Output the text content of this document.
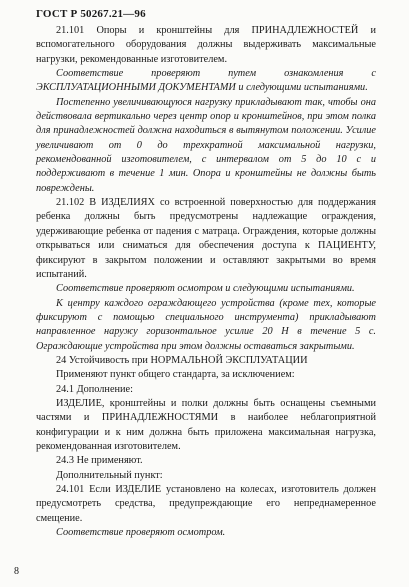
ГОСТ Р 50267.21—96

21.101 Опоры и кронштейны для ПРИНАДЛЕЖНОСТЕЙ и вспомогательного оборудования должны выдерживать максимальные нагрузки, рекомендованные изготовителем.

Соответствие проверяют путем ознакомления с ЭКСПЛУАТАЦИОННЫМИ ДОКУМЕНТАМИ и следующими испытаниями.

Постепенно увеличивающуюся нагрузку прикладывают так, чтобы она действовала вертикально через центр опор и кронштейнов, при этом полка для принадлежностей должна находиться в вытянутом положении. Усилие увеличивают от 0 до трехкратной максимальной нагрузки, рекомендованной изготовителем, с интервалом от 5 до 10 с и поддерживают в течение 1 мин. Опора и кронштейны не должны быть повреждены.

21.102 В ИЗДЕЛИЯХ со встроенной поверхностью для поддержания ребенка должны быть предусмотрены надлежащие ограждения, удерживающие ребенка от падения с матраца. Ограждения, которые должны открываться или сниматься для обеспечения доступа к ПАЦИЕНТУ, фиксируют в закрытом положении и оставляют закрытыми во время испытаний.

Соответствие проверяют осмотром и следующими испытаниями.

К центру каждого ограждающего устройства (кроме тех, которые фиксируют с помощью специального инструмента) прикладывают направленное наружу горизонтальное усилие 20 Н в течение 5 с. Ограждающие устройства при этом должны оставаться закрытыми.

24 Устойчивость при НОРМАЛЬНОЙ ЭКСПЛУАТАЦИИ

Применяют пункт общего стандарта, за исключением:

24.1 Дополнение:

ИЗДЕЛИЕ, кронштейны и полки должны быть оснащены съемными частями и ПРИНАДЛЕЖНОСТЯМИ в наиболее неблагоприятной конфигурации и к ним должна быть приложена максимальная нагрузка, рекомендованная изготовителем.

24.3 Не применяют.

Дополнительный пункт:

24.101 Если ИЗДЕЛИЕ установлено на колесах, изготовитель должен предусмотреть средства, предупреждающие его непреднамеренное смещение.

Соответствие проверяют осмотром.

8
